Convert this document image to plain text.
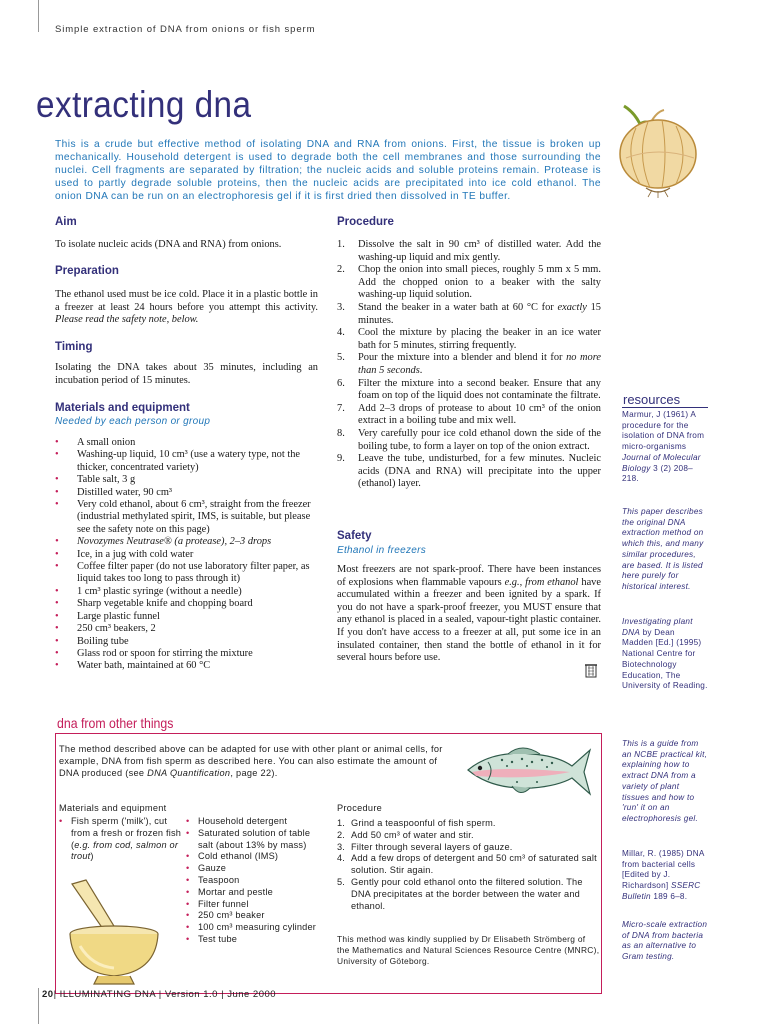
Simple extraction of DNA from onions or fish sperm
extracting dna
This is a crude but effective method of isolating DNA and RNA from onions. First, the tissue is broken up mechanically. Household detergent is used to degrade both the cell membranes and those surrounding the nuclei. Cell fragments are separated by filtration; the nucleic acids and soluble proteins remain. Protease is used to partly degrade soluble proteins, then the nucleic acids are precipitated into ice cold ethanol. The onion DNA can be run on an electrophoresis gel if it is first dried then dissolved in TE buffer.
Aim
To isolate nucleic acids (DNA and RNA) from onions.
Preparation
The ethanol used must be ice cold. Place it in a plastic bottle in a freezer at least 24 hours before you attempt this activity. Please read the safety note, below.
Timing
Isolating the DNA takes about 35 minutes, including an incubation period of 15 minutes.
Materials and equipment
Needed by each person or group
• A small onion
• Washing-up liquid, 10 cm³ (use a watery type, not the thicker, concentrated variety)
• Table salt, 3 g
• Distilled water, 90 cm³
• Very cold ethanol, about 6 cm³, straight from the freezer (industrial methylated spirit, IMS, is suitable, but please see the safety note on this page)
• Novozymes Neutrase® (a protease), 2–3 drops
• Ice, in a jug with cold water
• Coffee filter paper (do not use laboratory filter paper, as liquid takes too long to pass through it)
• 1 cm³ plastic syringe (without a needle)
• Sharp vegetable knife and chopping board
• Large plastic funnel
• 250 cm³ beakers, 2
• Boiling tube
• Glass rod or spoon for stirring the mixture
• Water bath, maintained at 60 °C
Procedure
1. Dissolve the salt in 90 cm³ of distilled water. Add the washing-up liquid and mix gently.
2. Chop the onion into small pieces, roughly 5 mm x 5 mm. Add the chopped onion to a beaker with the salty washing-up liquid solution.
3. Stand the beaker in a water bath at 60 °C for exactly 15 minutes.
4. Cool the mixture by placing the beaker in an ice water bath for 5 minutes, stirring frequently.
5. Pour the mixture into a blender and blend it for no more than 5 seconds.
6. Filter the mixture into a second beaker. Ensure that any foam on top of the liquid does not contaminate the filtrate.
7. Add 2–3 drops of protease to about 10 cm³ of the onion extract in a boiling tube and mix well.
8. Very carefully pour ice cold ethanol down the side of the boiling tube, to form a layer on top of the onion extract.
9. Leave the tube, undisturbed, for a few minutes. Nucleic acids (DNA and RNA) will precipitate into the upper (ethanol) layer.
Safety
Ethanol in freezers
Most freezers are not spark-proof. There have been instances of explosions when flammable vapours e.g., from ethanol have accumulated within a freezer and been ignited by a spark. If you do not have a spark-proof freezer, you MUST ensure that any ethanol is placed in a sealed, vapour-tight plastic container. If you don't have access to a freezer at all, put some ice in an insulated container, then stand the bottle of ethanol in it for several hours before use.
resources
Marmur, J (1961) A procedure for the isolation of DNA from micro-organisms Journal of Molecular Biology 3 (2) 208–218.
This paper describes the original DNA extraction method on which this, and many similar procedures, are based. It is listed here purely for historical interest.
Investigating plant DNA by Dean Madden [Ed.] (1995) National Centre for Biotechnology Education, The University of Reading.
This is a guide from an NCBE practical kit, explaining how to extract DNA from a variety of plant tissues and how to 'run' it on an electrophoresis gel.
Millar, R. (1985) DNA from bacterial cells [Edited by J. Richardson] SSERC Bulletin 189 6–8.
Micro-scale extraction of DNA from bacteria as an alternative to Gram testing.
dna from other things
The method described above can be adapted for use with other plant or animal cells, for example, DNA from fish sperm as described here. You can also estimate the amount of DNA produced (see DNA Quantification, page 22).
Materials and equipment
• Fish sperm ('milk'), cut from a fresh or frozen fish (e.g. from cod, salmon or trout)
• Household detergent
• Saturated solution of table salt (about 13% by mass)
• Cold ethanol (IMS)
• Gauze
• Teaspoon
• Mortar and pestle
• Filter funnel
• 250 cm³ beaker
• 100 cm³ measuring cylinder
• Test tube
Procedure
1. Grind a teaspoonful of fish sperm.
2. Add 50 cm³ of water and stir.
3. Filter through several layers of gauze.
4. Add a few drops of detergent and 50 cm³ of saturated salt solution. Stir again.
5. Gently pour cold ethanol onto the filtered solution. The DNA precipitates at the border between the water and ethanol.
This method was kindly supplied by Dr Elisabeth Strömberg of the Mathematics and Natural Sciences Resource Centre (MNRC), University of Göteborg.
20| ILLUMINATING DNA | Version 1.0 | June 2000
